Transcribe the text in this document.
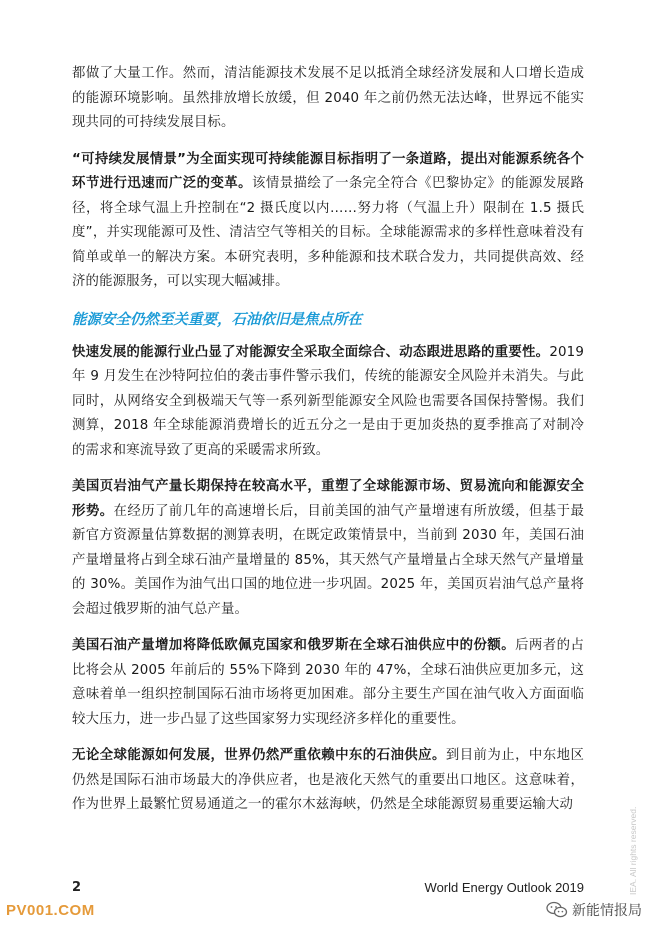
都做了大量工作。然而，清洁能源技术发展不足以抵消全球经济发展和人口增长造成的能源环境影响。虽然排放增长放缓，但 2040 年之前仍然无法达峰，世界远不能实现共同的可持续发展目标。

“可持续发展情景”为全面实现可持续能源目标指明了一条道路，提出对能源系统各个环节进行迅速而广泛的变革。该情景描绘了一条完全符合《巴黎协定》的能源发展路径，将全球气温上升控制在“2 摄氏度以内……努力将（气温上升）限制在 1.5 摄氏度”，并实现能源可及性、清洁空气等相关的目标。全球能源需求的多样性意味着没有简单或单一的解决方案。本研究表明，多种能源和技术联合发力，共同提供高效、经济的能源服务，可以实现大幅减排。

能源安全仍然至关重要，石油依旧是焦点所在

快速发展的能源行业凸显了对能源安全采取全面综合、动态跟进思路的重要性。2019 年 9 月发生在沙特阿拉伯的袭击事件警示我们，传统的能源安全风险并未消失。与此同时，从网络安全到极端天气等一系列新型能源安全风险也需要各国保持警惕。我们测算，2018 年全球能源消费增长的近五分之一是由于更加炎热的夏季推高了对制冷的需求和寒流导致了更高的采暖需求所致。

美国页岩油气产量长期保持在较高水平，重塑了全球能源市场、贸易流向和能源安全形势。在经历了前几年的高速增长后，目前美国的油气产量增速有所放缓，但基于最新官方资源量估算数据的测算表明，在既定政策情景中，当前到 2030 年，美国石油产量增量将占到全球石油产量增量的 85%，其天然气产量增量占全球天然气产量增量的 30%。美国作为油气出口国的地位进一步巩固。2025 年，美国页岩油气总产量将会超过俄罗斯的油气总产量。

美国石油产量增加将降低欧佩克国家和俄罗斯在全球石油供应中的份额。后两者的占比将会从 2005 年前后的 55%下降到 2030 年的 47%，全球石油供应更加多元，这意味着单一组织控制国际石油市场将更加困难。部分主要生产国在油气收入方面面临较大压力，进一步凸显了这些国家努力实现经济多样化的重要性。

无论全球能源如何发展，世界仍然严重依赖中东的石油供应。到目前为止，中东地区仍然是国际石油市场最大的净供应者，也是液化天然气的重要出口地区。这意味着，作为世界上最繁忙贸易通道之一的霍尔木兹海峡，仍然是全球能源贸易重要运输大动

IEA. All rights reserved.
2	World Energy Outlook 2019
PV001.COM	新能情报局
